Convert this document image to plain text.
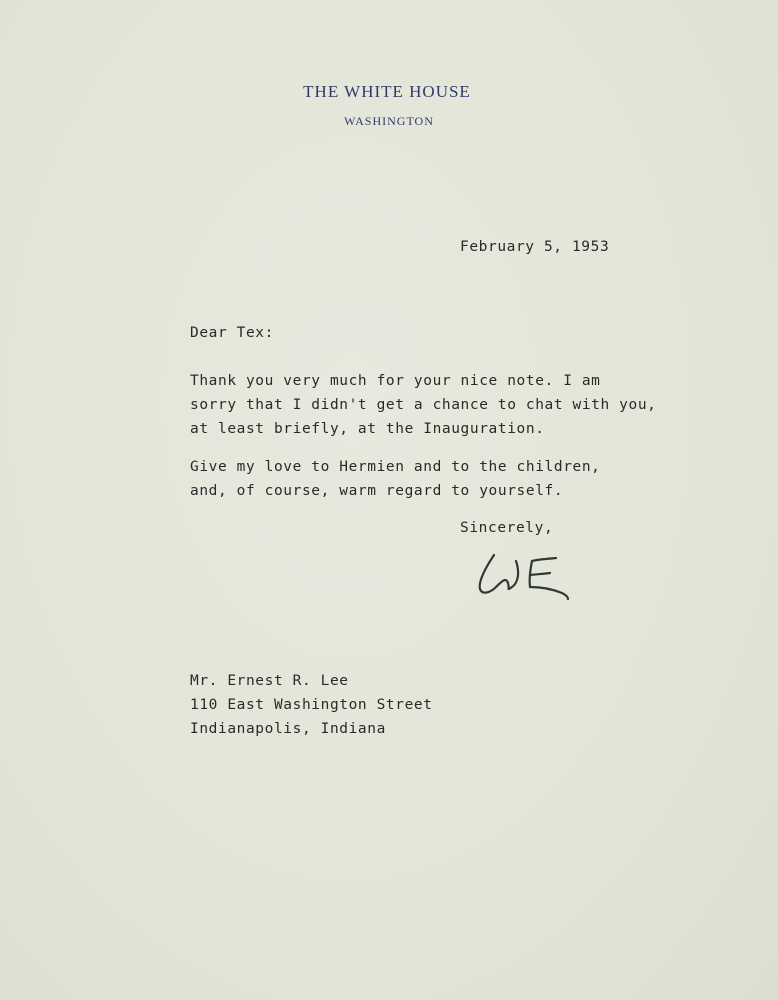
THE WHITE HOUSE
WASHINGTON
February 5, 1953
Dear Tex:
Thank you very much for your nice note. I am
sorry that I didn't get a chance to chat with you,
at least briefly, at the Inauguration.
Give my love to Hermien and to the children,
and, of course, warm regard to yourself.
Sincerely,
Mr. Ernest R. Lee
110 East Washington Street
Indianapolis, Indiana
